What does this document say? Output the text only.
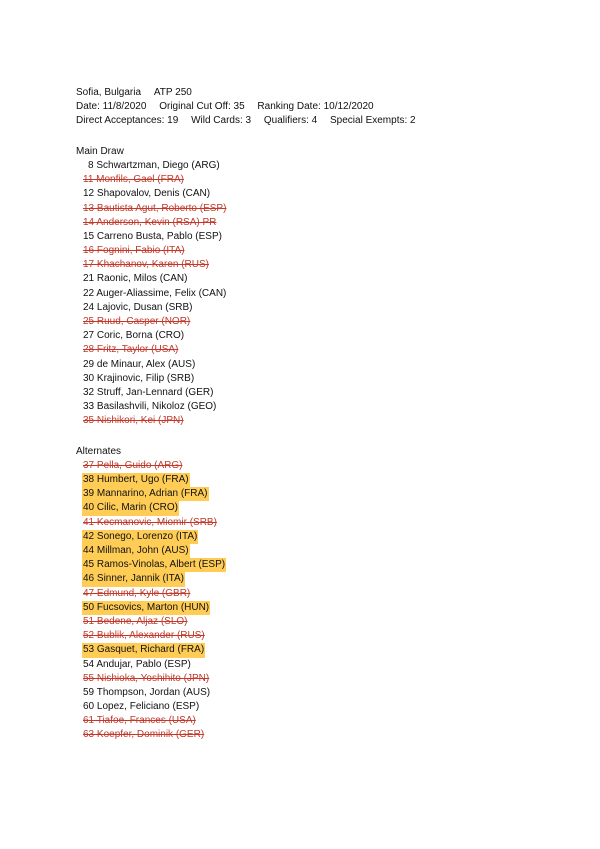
Sofia, Bulgaria ATP 250
Date: 11/8/2020 Original Cut Off: 35 Ranking Date: 10/12/2020
Direct Acceptances: 19 Wild Cards: 3 Qualifiers: 4 Special Exempts: 2
Main Draw
8 Schwartzman, Diego (ARG)
11 Monfils, Gael (FRA)
12 Shapovalov, Denis (CAN)
13 Bautista Agut, Roberto (ESP)
14 Anderson, Kevin (RSA) PR
15 Carreno Busta, Pablo (ESP)
16 Fognini, Fabio (ITA)
17 Khachanov, Karen (RUS)
21 Raonic, Milos (CAN)
22 Auger-Aliassime, Felix (CAN)
24 Lajovic, Dusan (SRB)
25 Ruud, Casper (NOR)
27 Coric, Borna (CRO)
28 Fritz, Taylor (USA)
29 de Minaur, Alex (AUS)
30 Krajinovic, Filip (SRB)
32 Struff, Jan-Lennard (GER)
33 Basilashvili, Nikoloz (GEO)
35 Nishikori, Kei (JPN)
Alternates
37 Pella, Guido (ARG)
38 Humbert, Ugo (FRA)
39 Mannarino, Adrian (FRA)
40 Cilic, Marin (CRO)
41 Kecmanovic, Miomir (SRB)
42 Sonego, Lorenzo (ITA)
44 Millman, John (AUS)
45 Ramos-Vinolas, Albert (ESP)
46 Sinner, Jannik (ITA)
47 Edmund, Kyle (GBR)
50 Fucsovics, Marton (HUN)
51 Bedene, Aljaz (SLO)
52 Bublik, Alexander (RUS)
53 Gasquet, Richard (FRA)
54 Andujar, Pablo (ESP)
55 Nishioka, Yoshihito (JPN)
59 Thompson, Jordan (AUS)
60 Lopez, Feliciano (ESP)
61 Tiafoe, Frances (USA)
63 Koepfer, Dominik (GER)
